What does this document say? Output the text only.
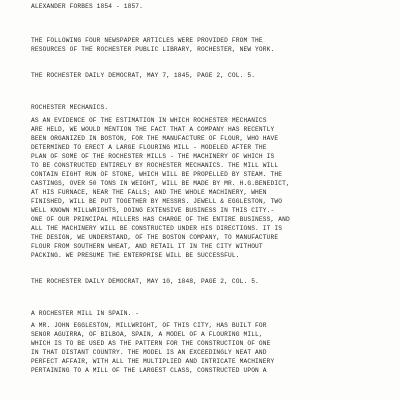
ALEXANDER FORBES 1854 - 1857.
THE FOLLOWING FOUR NEWSPAPER ARTICLES WERE PROVIDED FROM THE
RESOURCES OF THE ROCHESTER PUBLIC LIBRARY, ROCHESTER, NEW YORK.
THE ROCHESTER DAILY DEMOCRAT, MAY 7, 1845, PAGE 2, COL. 5.
ROCHESTER MECHANICS.
AS AN EVIDENCE OF THE ESTIMATION IN WHICH ROCHESTER MECHANICS
ARE HELD, WE WOULD MENTION THE FACT THAT A COMPANY HAS RECENTLY
BEEN ORGANIZED IN BOSTON, FOR THE MANUFACTURE OF FLOUR, WHO HAVE
DETERMINED TO ERECT A LARGE FLOURING MILL - MODELED AFTER THE
PLAN OF SOME OF THE ROCHESTER MILLS - THE MACHINERY OF WHICH IS
TO BE CONSTRUCTED ENTIRELY BY ROCHESTER MECHANICS. THE MILL WILL
CONTAIN EIGHT RUN OF STONE, WHICH WILL BE PROPELLED BY STEAM. THE
CASTINGS, OVER 50 TONS IN WEIGHT, WILL BE MADE BY MR. H.G.BENEDICT,
AT HIS FURNACE, NEAR THE FALLS; AND THE WHOLE MACHINERY, WHEN
FINISHED, WILL BE PUT TOGETHER BY MESSRS. JEWELL & EGGLESTON, TWO
WELL KNOWN MILLWRIGHTS, DOING EXTENSIVE BUSINESS IN THIS CITY.-
ONE OF OUR PRINCIPAL MILLERS HAS CHARGE OF THE ENTIRE BUSINESS, AND
ALL THE MACHINERY WILL BE CONSTRUCTED UNDER HIS DIRECTIONS. IT IS
THE DESIGN, WE UNDERSTAND, OF THE BOSTON COMPANY, TO MANUFACTURE
FLOUR FROM SOUTHERN WHEAT, AND RETAIL IT IN THE CITY WITHOUT
PACKING. WE PRESUME THE ENTERPRISE WILL BE SUCCESSFUL.
THE ROCHESTER DAILY DEMOCRAT, MAY 10, 1848, PAGE 2, COL. 5.
A ROCHESTER MILL IN SPAIN. -
A MR. JOHN EGGLESTON, MILLWRIGHT, OF THIS CITY, HAS BUILT FOR
SENOR AGUIRRA, OF BILBOA, SPAIN, A MODEL OF A FLOURING MILL,
WHICH IS TO BE USED AS THE PATTERN FOR THE CONSTRUCTION OF ONE
IN THAT DISTANT COUNTRY. THE MODEL IS AN EXCEEDINGLY NEAT AND
PERFECT AFFAIR, WITH ALL THE MULTIPLIED AND INTRICATE MACHINERY
PERTAINING TO A MILL OF THE LARGEST CLASS, CONSTRUCTED UPON A
